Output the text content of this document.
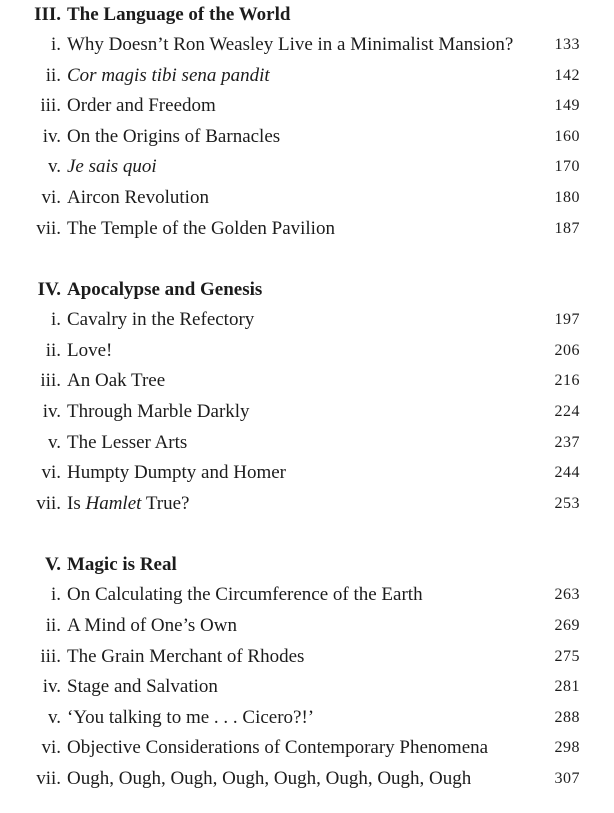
III. The Language of the World
i. Why Doesn’t Ron Weasley Live in a Minimalist Mansion?	133
ii. Cor magis tibi sena pandit	142
iii. Order and Freedom	149
iv. On the Origins of Barnacles	160
v. Je sais quoi	170
vi. Aircon Revolution	180
vii. The Temple of the Golden Pavilion	187
IV. Apocalypse and Genesis
i. Cavalry in the Refectory	197
ii. Love!	206
iii. An Oak Tree	216
iv. Through Marble Darkly	224
v. The Lesser Arts	237
vi. Humpty Dumpty and Homer	244
vii. Is Hamlet True?	253
V. Magic is Real
i. On Calculating the Circumference of the Earth	263
ii. A Mind of One’s Own	269
iii. The Grain Merchant of Rhodes	275
iv. Stage and Salvation	281
v. ‘You talking to me . . . Cicero?!’	288
vi. Objective Considerations of Contemporary Phenomena	298
vii. Ough, Ough, Ough, Ough, Ough, Ough, Ough, Ough	307
